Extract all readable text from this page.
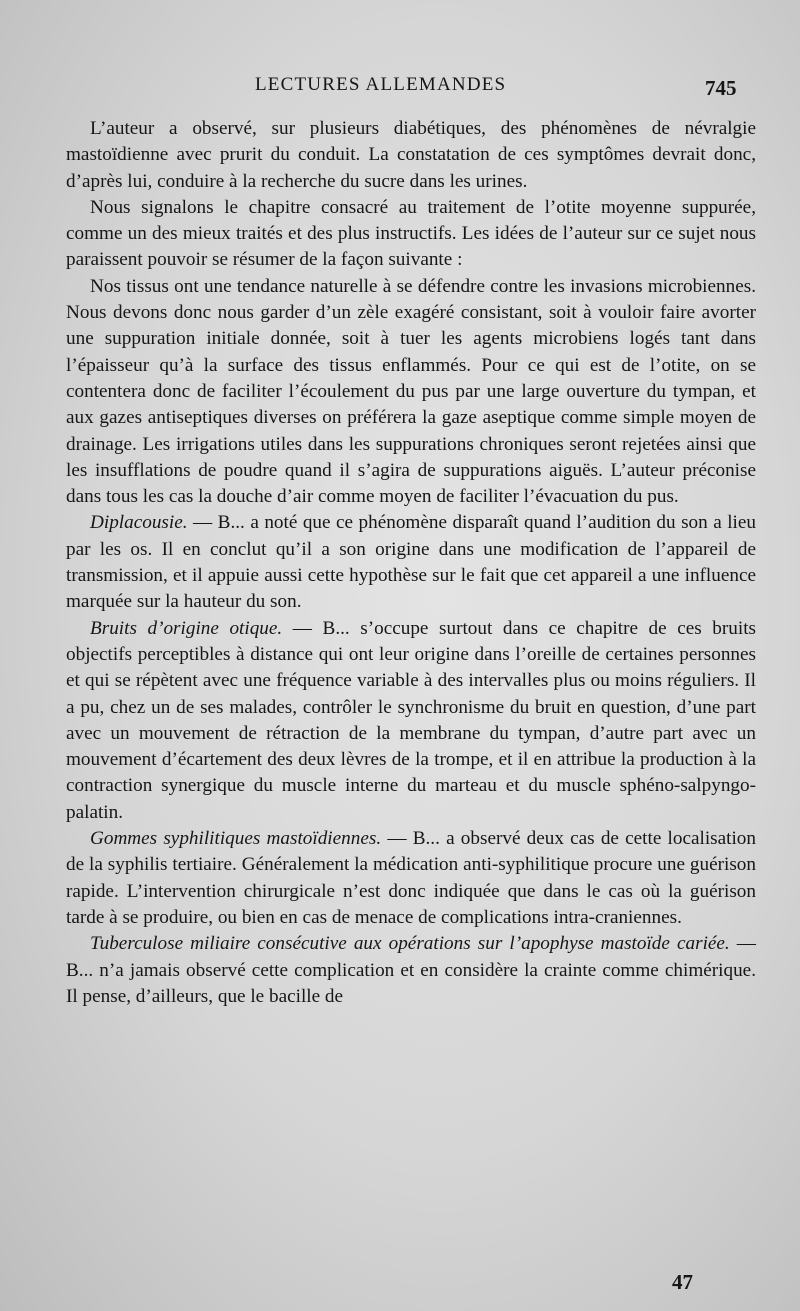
LECTURES ALLEMANDES	745

L’auteur a observé, sur plusieurs diabétiques, des phénomènes de névralgie mastoïdienne avec prurit du conduit. La constatation de ces symptômes devrait donc, d’après lui, conduire à la recherche du sucre dans les urines.

Nous signalons le chapitre consacré au traitement de l’otite moyenne suppurée, comme un des mieux traités et des plus instructifs. Les idées de l’auteur sur ce sujet nous paraissent pouvoir se résumer de la façon suivante :

Nos tissus ont une tendance naturelle à se défendre contre les invasions microbiennes. Nous devons donc nous garder d’un zèle exagéré consistant, soit à vouloir faire avorter une suppuration initiale donnée, soit à tuer les agents microbiens logés tant dans l’épaisseur qu’à la surface des tissus enflammés. Pour ce qui est de l’otite, on se contentera donc de faciliter l’écoulement du pus par une large ouverture du tympan, et aux gazes antiseptiques diverses on préférera la gaze aseptique comme simple moyen de drainage. Les irrigations utiles dans les suppurations chroniques seront rejetées ainsi que les insufflations de poudre quand il s’agira de suppurations aiguës. L’auteur préconise dans tous les cas la douche d’air comme moyen de faciliter l’évacuation du pus.

Diplacousie. — B... a noté que ce phénomène disparaît quand l’audition du son a lieu par les os. Il en conclut qu’il a son origine dans une modification de l’appareil de transmission, et il appuie aussi cette hypothèse sur le fait que cet appareil a une influence marquée sur la hauteur du son.

Bruits d’origine otique. — B... s’occupe surtout dans ce chapitre de ces bruits objectifs perceptibles à distance qui ont leur origine dans l’oreille de certaines personnes et qui se répètent avec une fréquence variable à des intervalles plus ou moins réguliers. Il a pu, chez un de ses malades, contrôler le synchronisme du bruit en question, d’une part avec un mouvement de rétraction de la membrane du tympan, d’autre part avec un mouvement d’écartement des deux lèvres de la trompe, et il en attribue la production à la contraction synergique du muscle interne du marteau et du muscle sphéno-salpyngo-palatin.

Gommes syphilitiques mastoïdiennes. — B... a observé deux cas de cette localisation de la syphilis tertiaire. Généralement la médication anti-syphilitique procure une guérison rapide. L’intervention chirurgicale n’est donc indiquée que dans le cas où la guérison tarde à se produire, ou bien en cas de menace de complications intra-craniennes.

Tuberculose miliaire consécutive aux opérations sur l’apophyse mastoïde cariée. — B... n’a jamais observé cette complication et en considère la crainte comme chimérique. Il pense, d’ailleurs, que le bacille de

47
